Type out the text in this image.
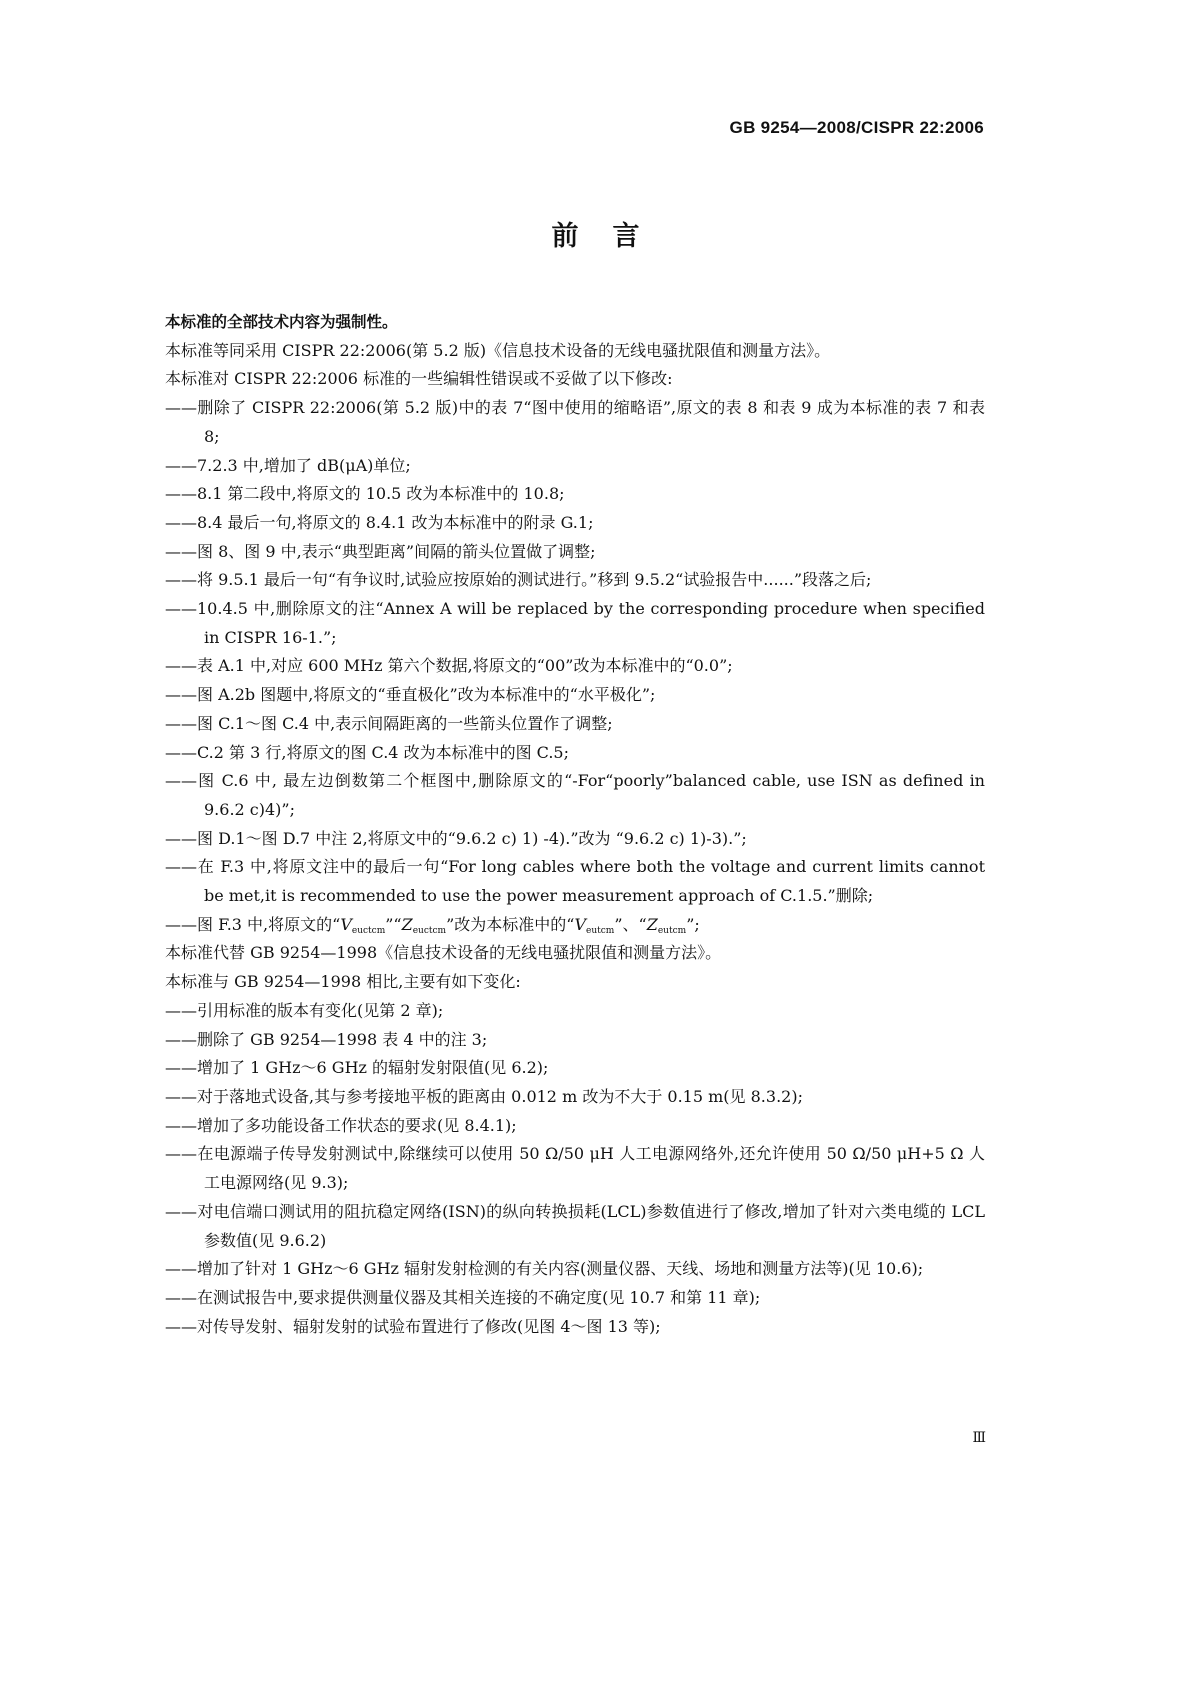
GB 9254—2008/CISPR 22:2006
前言

本标准的全部技术内容为强制性。

本标准等同采用 CISPR 22:2006(第 5.2 版)《信息技术设备的无线电骚扰限值和测量方法》。

本标准对 CISPR 22:2006 标准的一些编辑性错误或不妥做了以下修改:

——删除了 CISPR 22:2006(第 5.2 版)中的表 7“图中使用的缩略语”,原文的表 8 和表 9 成为本标准的表 7 和表 8;

——7.2.3 中,增加了 dB(μA)单位;

——8.1 第二段中,将原文的 10.5 改为本标准中的 10.8;

——8.4 最后一句,将原文的 8.4.1 改为本标准中的附录 G.1;

——图 8、图 9 中,表示“典型距离”间隔的箭头位置做了调整;

——将 9.5.1 最后一句“有争议时,试验应按原始的测试进行。”移到 9.5.2“试验报告中......”段落之后;

——10.4.5 中,删除原文的注“Annex A will be replaced by the corresponding procedure when specified in CISPR 16-1.”;

——表 A.1 中,对应 600 MHz 第六个数据,将原文的“00”改为本标准中的“0.0”;

——图 A.2b 图题中,将原文的“垂直极化”改为本标准中的“水平极化”;

——图 C.1～图 C.4 中,表示间隔距离的一些箭头位置作了调整;

——C.2 第 3 行,将原文的图 C.4 改为本标准中的图 C.5;

——图 C.6 中, 最左边倒数第二个框图中,删除原文的“-For“poorly”balanced cable, use ISN as defined in 9.6.2 c)4)”;

——图 D.1～图 D.7 中注 2,将原文中的“9.6.2 c) 1) -4).”改为 “9.6.2 c) 1)-3).”;

——在 F.3 中,将原文注中的最后一句“For long cables where both the voltage and current limits cannot be met,it is recommended to use the power measurement approach of C.1.5.”删除;

——图 F.3 中,将原文的“$V_{euctcm}”“Z_{euctcm}$”改为本标准中的“$V_{eutcm}$”、“$Z_{eutcm}$”;

本标准代替 GB 9254—1998《信息技术设备的无线电骚扰限值和测量方法》。

本标准与 GB 9254—1998 相比,主要有如下变化:

——引用标准的版本有变化(见第 2 章);

——删除了 GB 9254—1998 表 4 中的注 3;

——增加了 1 GHz～6 GHz 的辐射发射限值(见 6.2);

——对于落地式设备,其与参考接地平板的距离由 0.012 m 改为不大于 0.15 m(见 8.3.2);

——增加了多功能设备工作状态的要求(见 8.4.1);

——在电源端子传导发射测试中,除继续可以使用 50 Ω/50 μH 人工电源网络外,还允许使用 50 Ω/50 μH+5 Ω 人工电源网络(见 9.3);

——对电信端口测试用的阻抗稳定网络(ISN)的纵向转换损耗(LCL)参数值进行了修改,增加了针对六类电缆的 LCL 参数值(见 9.6.2)

——增加了针对 1 GHz～6 GHz 辐射发射检测的有关内容(测量仪器、天线、场地和测量方法等)(见 10.6);

——在测试报告中,要求提供测量仪器及其相关连接的不确定度(见 10.7 和第 11 章);

——对传导发射、辐射发射的试验布置进行了修改(见图 4～图 13 等);

Ⅲ
